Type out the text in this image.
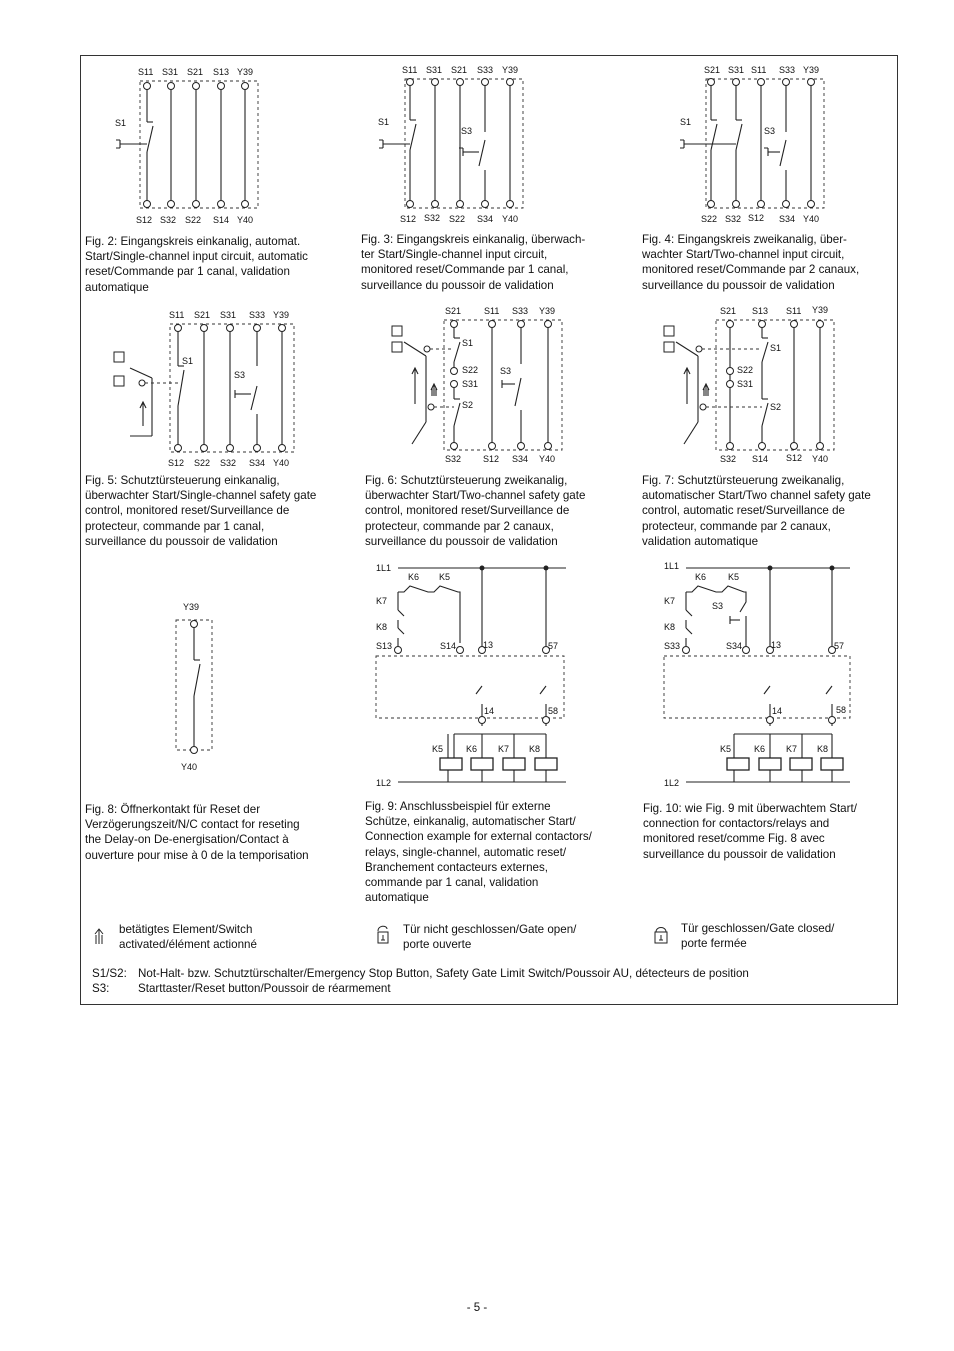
S11 S31 S21 S13 Y39
S1
S12 S32 S22 S14 Y40

Fig. 2: Eingangskreis einkanalig, automat.
Start/Single-channel input circuit, automatic
reset/Commande par 1 canal, validation
automatique

S11 S31 S21 S33 Y39
S1
S3
S12 S32 S22 S34 Y40

Fig. 3: Eingangskreis einkanalig, überwach-
ter Start/Single-channel input circuit,
monitored reset/Commande par 1 canal,
surveillance du poussoir de validation

S21 S31 S11 S33 Y39
S1
S3
S22 S32 S12 S34 Y40

Fig. 4: Eingangskreis zweikanalig, über-
wachter Start/Two-channel input circuit,
monitored reset/Commande par 2 canaux,
surveillance du poussoir de validation

S11 S21 S31 S33 Y39
S1
S3
S12 S22 S32 S34 Y40

Fig. 5: Schutztürsteuerung einkanalig,
überwachter Start/Single-channel safety gate
control, monitored reset/Surveillance de
protecteur, commande par 1 canal,
surveillance du poussoir de validation

S21	S11 S33 Y39
S1
S22
S31
S2
S3
S32 S12 S34 Y40

Fig. 6: Schutztürsteuerung zweikanalig,
überwachter Start/Two-channel safety gate
control, monitored reset/Surveillance de
protecteur, commande par 2 canaux,
surveillance du poussoir de validation

S21 S13 S11 Y39
S1
S22
S31
S2
S32 S14 S12 Y40

Fig. 7: Schutztürsteuerung zweikanalig,
automatischer Start/Two channel safety gate
control, automatic reset/Surveillance de
protecteur, commande par 2 canaux,
validation automatique

Y39
Y40

Fig. 8: Öffnerkontakt für Reset der
Verzögerungszeit/N/C contact for reseting
the Delay-on De-energisation/Contact à
ouverture pour mise à 0 de la temporisation

1L1
K6 K5
K7
K8
S13	S14	13	57
14	58
K5	K6 K7 K8
1L2

Fig. 9: Anschlussbeispiel für externe
Schütze, einkanalig, automatischer Start/
Connection example for external contactors/
relays, single-channel, automatic reset/
Branchement contacteurs externes,
commande par 1 canal, validation
automatique

1L1
K6 K5
K7	S3
K8
S33	S34	13	57
14	58
K5	K6 K7 K8
1L2

Fig. 10: wie Fig. 9 mit überwachtem Start/
connection for contactors/relays and
monitored reset/comme Fig. 8 avec
surveillance du poussoir de validation

betätigtes Element/Switch
activated/élément actionné
Tür nicht geschlossen/Gate open/
porte ouverte
Tür geschlossen/Gate closed/
porte fermée
S1/S2: Not-Halt- bzw. Schutztürschalter/Emergency Stop Button, Safety Gate Limit Switch/Poussoir AU, détecteurs de position
S3: Starttaster/Reset button/Poussoir de réarmement
- 5 -
